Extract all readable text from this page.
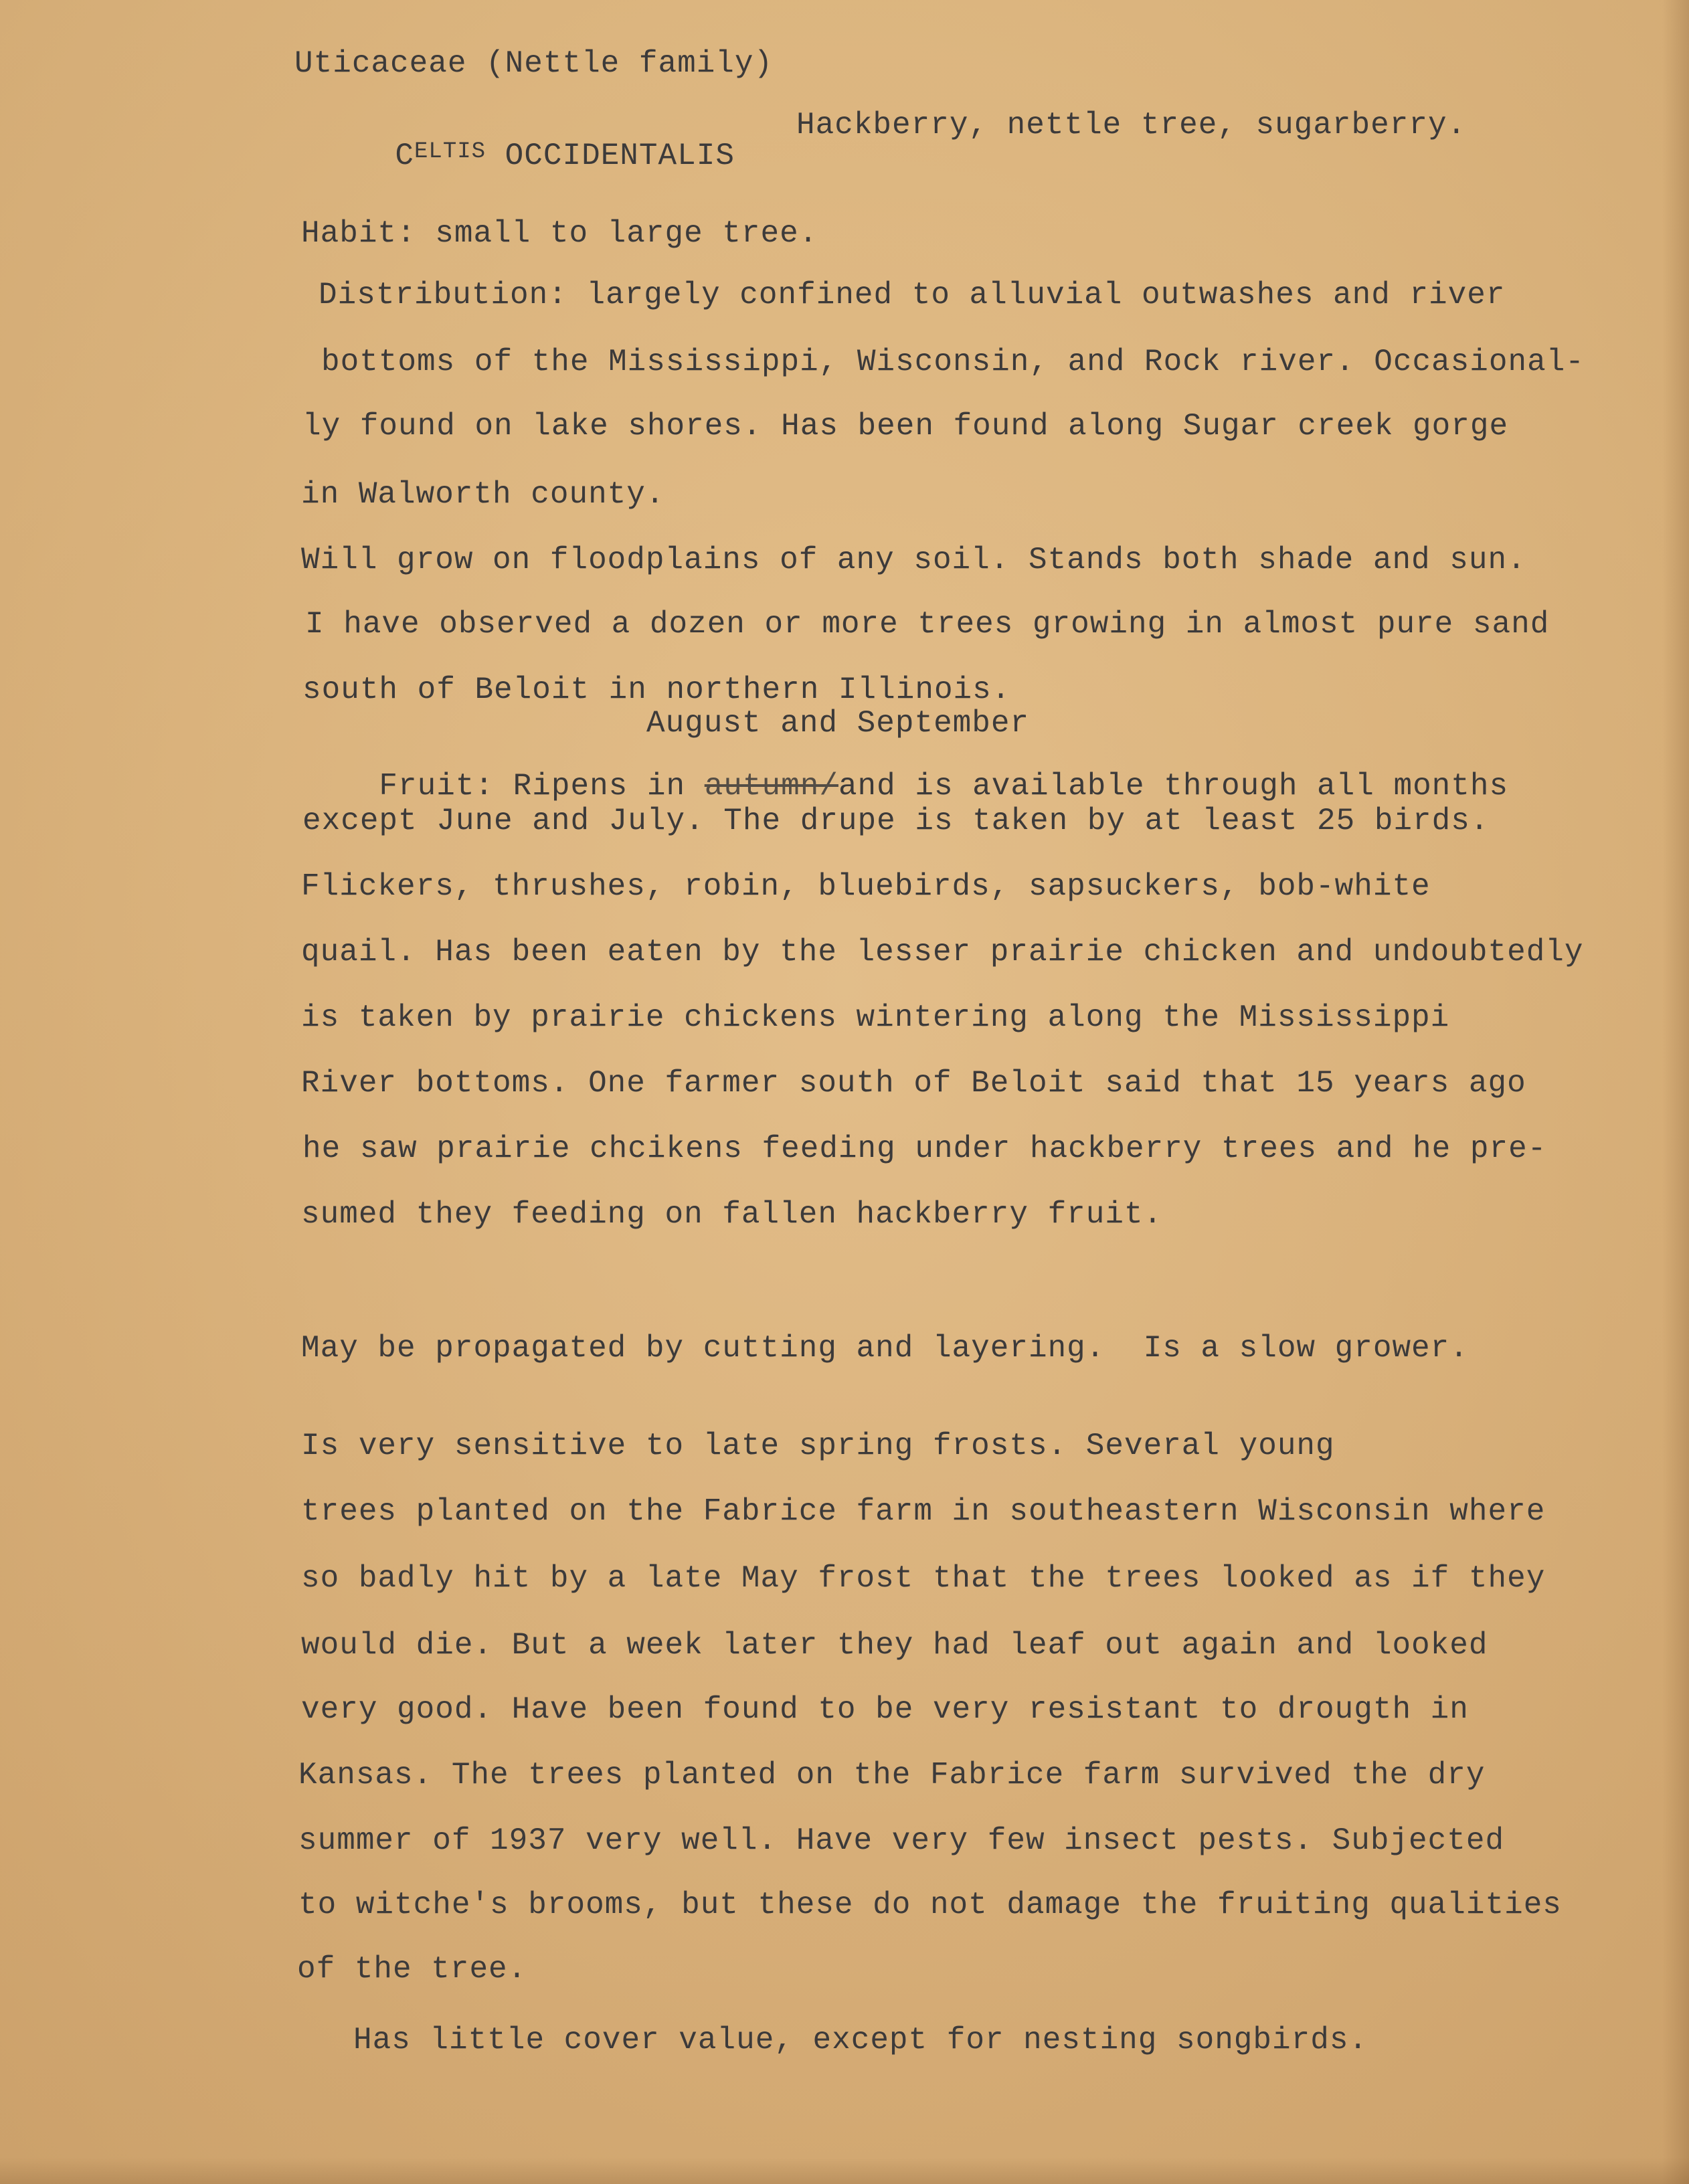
Uticaceae (Nettle family)

$C^{ELTIS}$ OCCIDENTALIS

Hackberry, nettle tree, sugarberry.
Habit: small to large tree.
Distribution: largely confined to alluvial outwashes and river
bottoms of the Mississippi, Wisconsin, and Rock river. Occasional-
ly found on lake shores. Has been found along Sugar creek gorge
in Walworth county.
Will grow on floodplains of any soil. Stands both shade and sun.
I have observed a dozen or more trees growing in almost pure sand
south of Beloit in northern Illinois.
August and September

Fruit: Ripens in autumn/and is available through all months

except June and July. The drupe is taken by at least 25 birds.
Flickers, thrushes, robin, bluebirds, sapsuckers, bob-white
quail. Has been eaten by the lesser prairie chicken and undoubtedly
is taken by prairie chickens wintering along the Mississippi
River bottoms. One farmer south of Beloit said that 15 years ago
he saw prairie chcikens feeding under hackberry trees and he pre-
sumed they feeding on fallen hackberry fruit.
May be propagated by cutting and layering.  Is a slow grower.
Is very sensitive to late spring frosts. Several young
trees planted on the Fabrice farm in southeastern Wisconsin where
so badly hit by a late May frost that the trees looked as if they
would die. But a week later they had leaf out again and looked
very good. Have been found to be very resistant to drougth in
Kansas. The trees planted on the Fabrice farm survived the dry
summer of 1937 very well. Have very few insect pests. Subjected
to witche's brooms, but these do not damage the fruiting qualities
of the tree.
Has little cover value, except for nesting songbirds.
